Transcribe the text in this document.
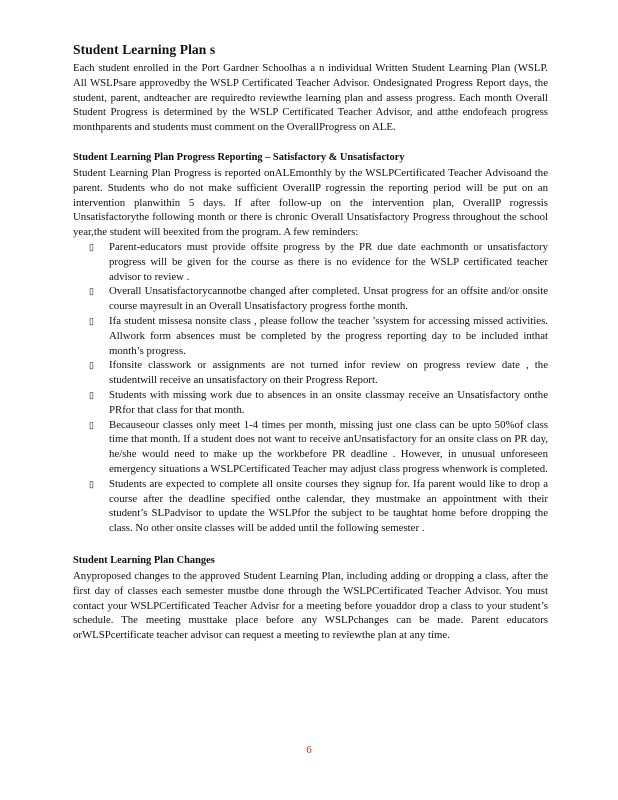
Student Learning Plan s

Each student enrolled in the Port Gardner Schoolhas a n individual Written Student Learning Plan (WSLP. All WSLPsare approvedby the WSLP Certificated Teacher Advisor. Ondesignated Progress Report days, the student, parent, andteacher are requiredto reviewthe learning plan and assess progress. Each month Overall Student Progress is determined by the WSLP Certificated Teacher Advisor, and atthe endofeach progress monthparents and students must comment on the OverallProgress on ALE.

Student Learning Plan Progress Reporting – Satisfactory & Unsatisfactory

Student Learning Plan Progress is reported onALEmonthly by the WSLPCertificated Teacher Advisoand the parent. Students who do not make sufficient OverallP rogressin the reporting period will be put on an intervention planwithin 5 days. If after follow-up on the intervention plan, OverallP rogressis Unsatisfactorythe following month or there is chronic Overall Unsatisfactory Progress throughout the school year,the student will beexited from the program. A few reminders:

▯ Parent-educators must provide offsite progress by the PR due date eachmonth or unsatisfactory progress will be given for the course as there is no evidence for the WSLP certificated teacher advisor to review .
▯ Overall Unsatisfactorycannotbe changed after completed. Unsat progress for an offsite and/or onsite course mayresult in an Overall Unsatisfactory progress forthe month.
▯ Ifa student missesa nonsite class , please follow the teacher ’ssystem for accessing missed activities. Allwork form absences must be completed by the progress reporting day to be included inthat month’s progress.
▯ Ifonsite classwork or assignments are not turned infor review on progress review date , the studentwill receive an unsatisfactory on their Progress Report.
▯ Students with missing work due to absences in an onsite classmay receive an Unsatisfactory onthe PRfor that class for that month.
▯ Becauseour classes only meet 1-4 times per month, missing just one class can be upto 50%of class time that month. If a student does not want to receive anUnsatisfactory for an onsite class on PR day, he/she would need to make up the workbefore PR deadline . However, in unusual unforeseen emergency situations a WSLPCertificated Teacher may adjust class progress whenwork is completed.
▯ Students are expected to complete all onsite courses they signup for. Ifa parent would like to drop a course after the deadline specified onthe calendar, they mustmake an appointment with their student’s SLPadvisor to update the WSLPfor the subject to be taughtat home before dropping the class. No other onsite classes will be added until the following semester .
Student Learning Plan Changes

Anyproposed changes to the approved Student Learning Plan, including adding or dropping a class, after the first day of classes each semester mustbe done through the WSLPCertificated Teacher Advisor. You must contact your WSLPCertificated Teacher Advisr for a meeting before youaddor drop a class to your student’s schedule. The meeting musttake place before any WSLPchanges can be made. Parent educators orWLSPcertificate teacher advisor can request a meeting to reviewthe plan at any time.

6
